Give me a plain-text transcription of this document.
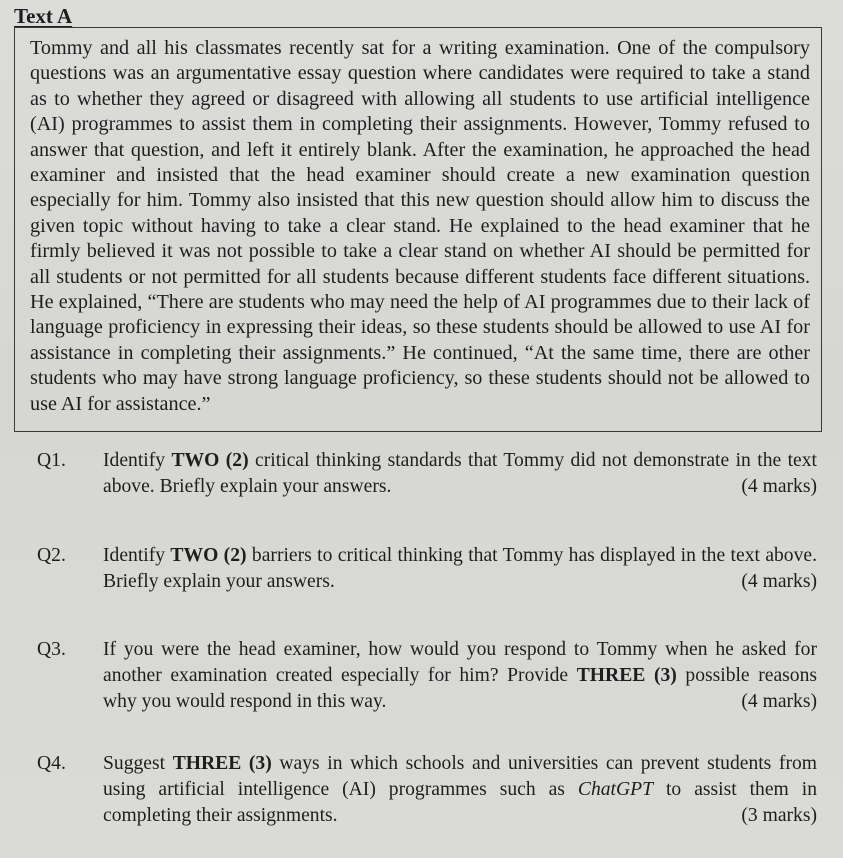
Text A

Tommy and all his classmates recently sat for a writing examination. One of the compulsory questions was an argumentative essay question where candidates were required to take a stand as to whether they agreed or disagreed with allowing all students to use artificial intelligence (AI) programmes to assist them in completing their assignments. However, Tommy refused to answer that question, and left it entirely blank. After the examination, he approached the head examiner and insisted that the head examiner should create a new examination question especially for him. Tommy also insisted that this new question should allow him to discuss the given topic without having to take a clear stand. He explained to the head examiner that he firmly believed it was not possible to take a clear stand on whether AI should be permitted for all students or not permitted for all students because different students face different situations. He explained, “There are students who may need the help of AI programmes due to their lack of language proficiency in expressing their ideas, so these students should be allowed to use AI for assistance in completing their assignments.” He continued, “At the same time, there are other students who may have strong language proficiency, so these students should not be allowed to use AI for assistance.”

Q1. Identify TWO (2) critical thinking standards that Tommy did not demonstrate in the text above. Briefly explain your answers.	(4 marks)
Q2. Identify TWO (2) barriers to critical thinking that Tommy has displayed in the text above. Briefly explain your answers.	(4 marks)
Q3. If you were the head examiner, how would you respond to Tommy when he asked for another examination created especially for him? Provide THREE (3) possible reasons why you would respond in this way.	(4 marks)
Q4. Suggest THREE (3) ways in which schools and universities can prevent students from using artificial intelligence (AI) programmes such as ChatGPT to assist them in completing their assignments.	(3 marks)
